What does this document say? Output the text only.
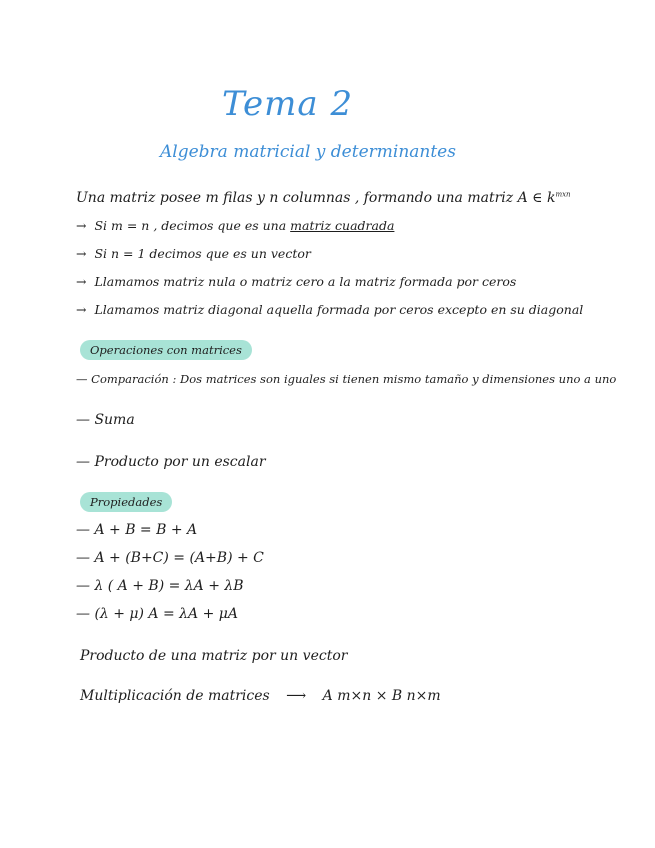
Tema 2
Algebra matricial y determinantes
Una matriz posee m filas y n columnas , formando una matriz A ∈ $k^{mxn}$
→ Si m = n , decimos que es una matriz cuadrada
→ Si n = 1 decimos que es un vector
→ Llamamos matriz nula o matriz cero a la matriz formada por ceros
→ Llamamos matriz diagonal aquella formada por ceros excepto en su diagonal
Operaciones con matrices
— Comparación : Dos matrices son iguales si tienen mismo tamaño y dimensiones uno a uno
— Suma
— Producto por un escalar
Propiedades
— A + B = B + A
— A + (B+C) = (A+B) + C
— λ ( A + B) = λA + λB
— (λ + μ) A = λA + μA
Producto de una matriz por un vector
Multiplicación de matrices ⟶ A m×n × B n×m
